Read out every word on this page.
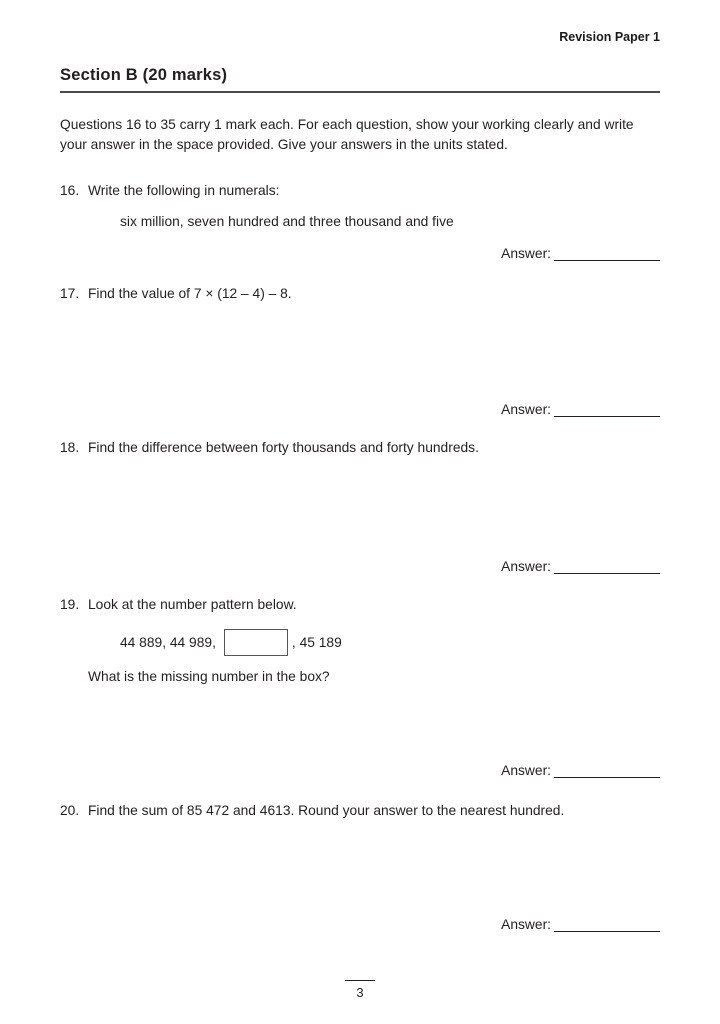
Revision Paper 1
Section B (20 marks)
Questions 16 to 35 carry 1 mark each. For each question, show your working clearly and write your answer in the space provided. Give your answers in the units stated.
16. Write the following in numerals:
six million, seven hundred and three thousand and five
Answer:
17. Find the value of 7 × (12 – 4) – 8.
Answer:
18. Find the difference between forty thousands and forty hundreds.
Answer:
19. Look at the number pattern below.
44 889, 44 989,	, 45 189
What is the missing number in the box?
Answer:
20. Find the sum of 85 472 and 4613. Round your answer to the nearest hundred.
Answer:
3
